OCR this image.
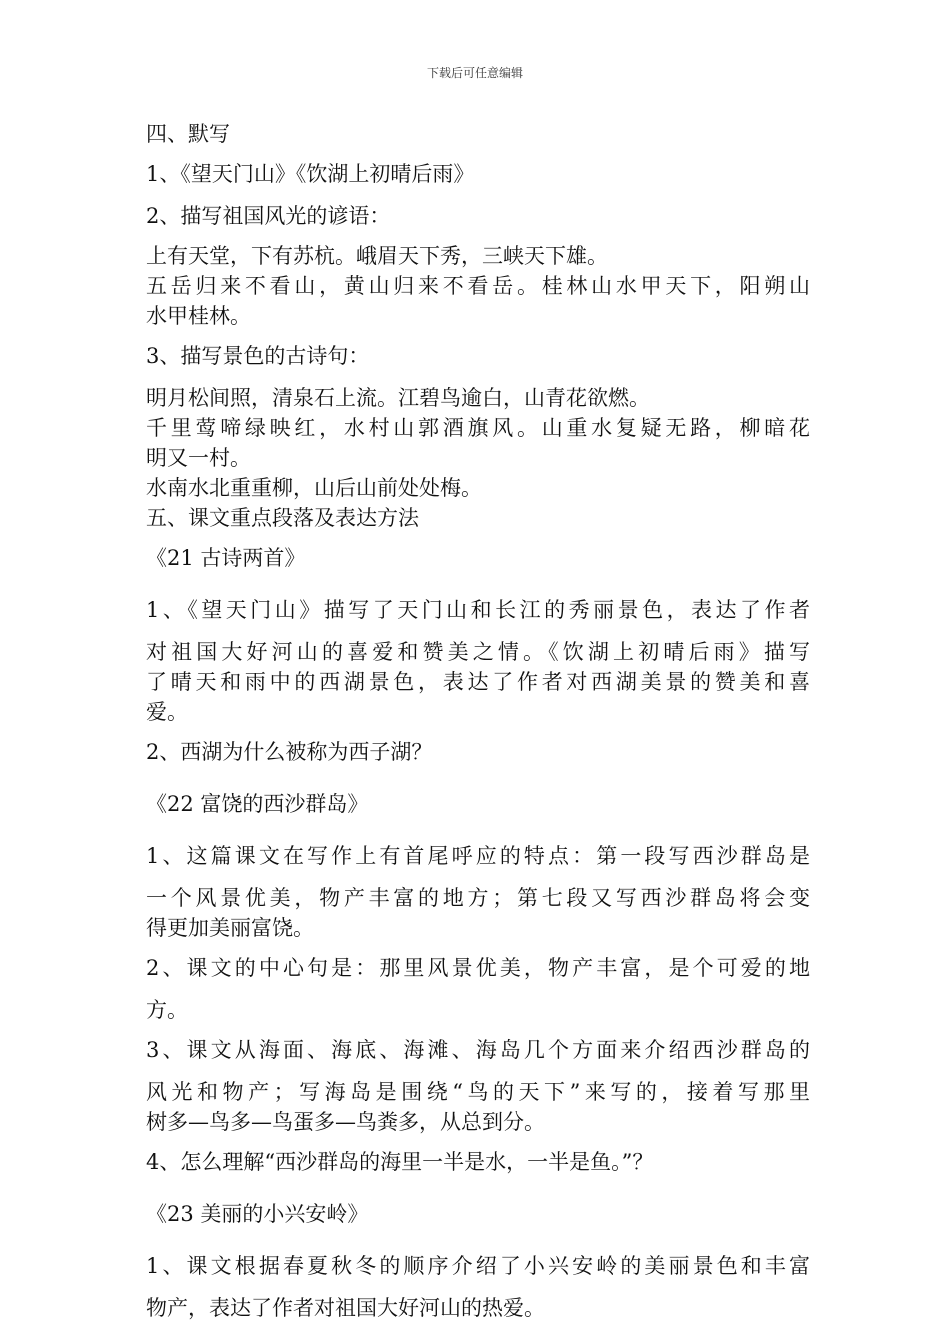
下载后可任意编辑

四、默写

1、《望天门山》《饮湖上初晴后雨》

2、描写祖国风光的谚语：

上有天堂，下有苏杭。峨眉天下秀，三峡天下雄。

五岳归来不看山，黄山归来不看岳。桂林山水甲天下，阳朔山

水甲桂林。

3、描写景色的古诗句：

明月松间照，清泉石上流。江碧鸟逾白，山青花欲燃。

千里莺啼绿映红，水村山郭酒旗风。山重水复疑无路，柳暗花

明又一村。

水南水北重重柳，山后山前处处梅。

五、课文重点段落及表达方法

《21 古诗两首》

1、《望天门山》描写了天门山和长江的秀丽景色，表达了作者

对祖国大好河山的喜爱和赞美之情。《饮湖上初晴后雨》描写

了晴天和雨中的西湖景色，表达了作者对西湖美景的赞美和喜

爱。

2、西湖为什么被称为西子湖？

《22 富饶的西沙群岛》

1、这篇课文在写作上有首尾呼应的特点：第一段写西沙群岛是

一个风景优美，物产丰富的地方；第七段又写西沙群岛将会变

得更加美丽富饶。

2、课文的中心句是：那里风景优美，物产丰富，是个可爱的地

方。

3、课文从海面、海底、海滩、海岛几个方面来介绍西沙群岛的

风光和物产；写海岛是围绕“鸟的天下”来写的，接着写那里

树多—鸟多—鸟蛋多—鸟粪多，从总到分。

4、怎么理解“西沙群岛的海里一半是水，一半是鱼。”？

《23 美丽的小兴安岭》

1、课文根据春夏秋冬的顺序介绍了小兴安岭的美丽景色和丰富

物产，表达了作者对祖国大好河山的热爱。
